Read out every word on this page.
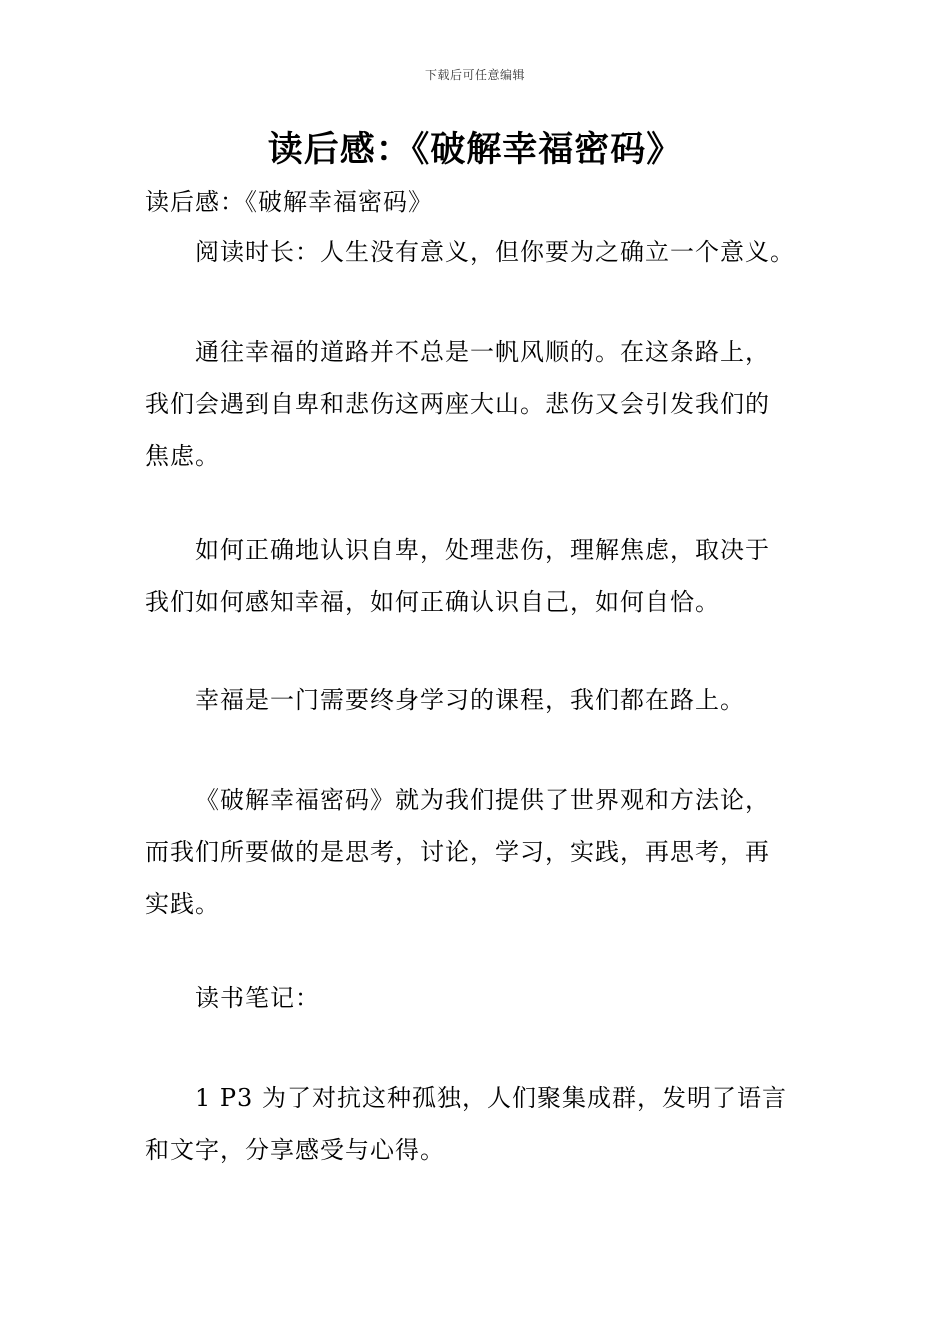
下载后可任意编辑
读后感：《破解幸福密码》
读后感：《破解幸福密码》
阅读时长：人生没有意义，但你要为之确立一个意义。
通往幸福的道路并不总是一帆风顺的。在这条路上，
我们会遇到自卑和悲伤这两座大山。悲伤又会引发我们的
焦虑。
如何正确地认识自卑，处理悲伤，理解焦虑，取决于
我们如何感知幸福，如何正确认识自己，如何自恰。
幸福是一门需要终身学习的课程，我们都在路上。
《破解幸福密码》就为我们提供了世界观和方法论，
而我们所要做的是思考，讨论，学习，实践，再思考，再
实践。
读书笔记：
1 P3 为了对抗这种孤独，人们聚集成群，发明了语言
和文字，分享感受与心得。
